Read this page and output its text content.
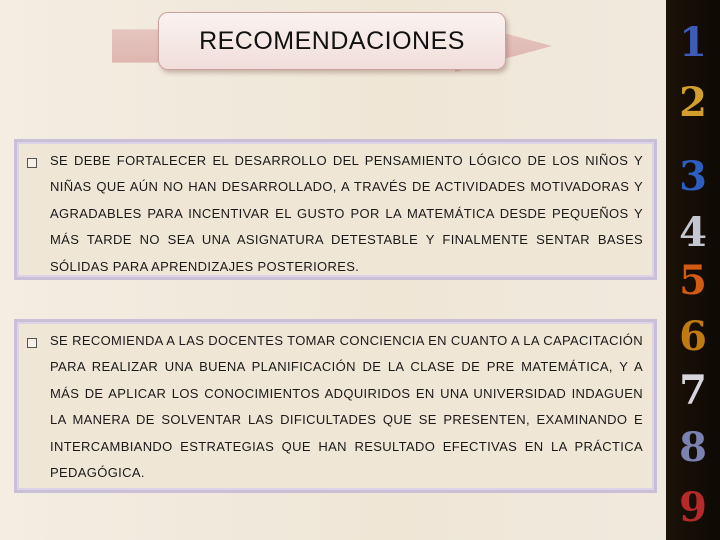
RECOMENDACIONES
SE DEBE FORTALECER EL DESARROLLO DEL PENSAMIENTO LÓGICO DE LOS NIÑOS Y NIÑAS QUE AÚN NO HAN DESARROLLADO, A TRAVÉS DE ACTIVIDADES MOTIVADORAS Y AGRADABLES PARA INCENTIVAR EL GUSTO POR LA MATEMÁTICA DESDE PEQUEÑOS Y MÁS TARDE NO SEA UNA ASIGNATURA DETESTABLE Y FINALMENTE SENTAR BASES SÓLIDAS PARA APRENDIZAJES POSTERIORES.
SE RECOMIENDA A LAS DOCENTES TOMAR CONCIENCIA EN CUANTO A LA CAPACITACIÓN PARA REALIZAR UNA BUENA PLANIFICACIÓN DE LA CLASE DE PRE MATEMÁTICA, Y A MÁS DE APLICAR LOS CONOCIMIENTOS ADQUIRIDOS EN UNA UNIVERSIDAD INDAGUEN LA MANERA DE SOLVENTAR LAS DIFICULTADES QUE SE PRESENTEN, EXAMINANDO E INTERCAMBIANDO ESTRATEGIAS QUE HAN RESULTADO EFECTIVAS EN LA PRÁCTICA PEDAGÓGICA.
1
2
3
4
5
6
7
8
9
